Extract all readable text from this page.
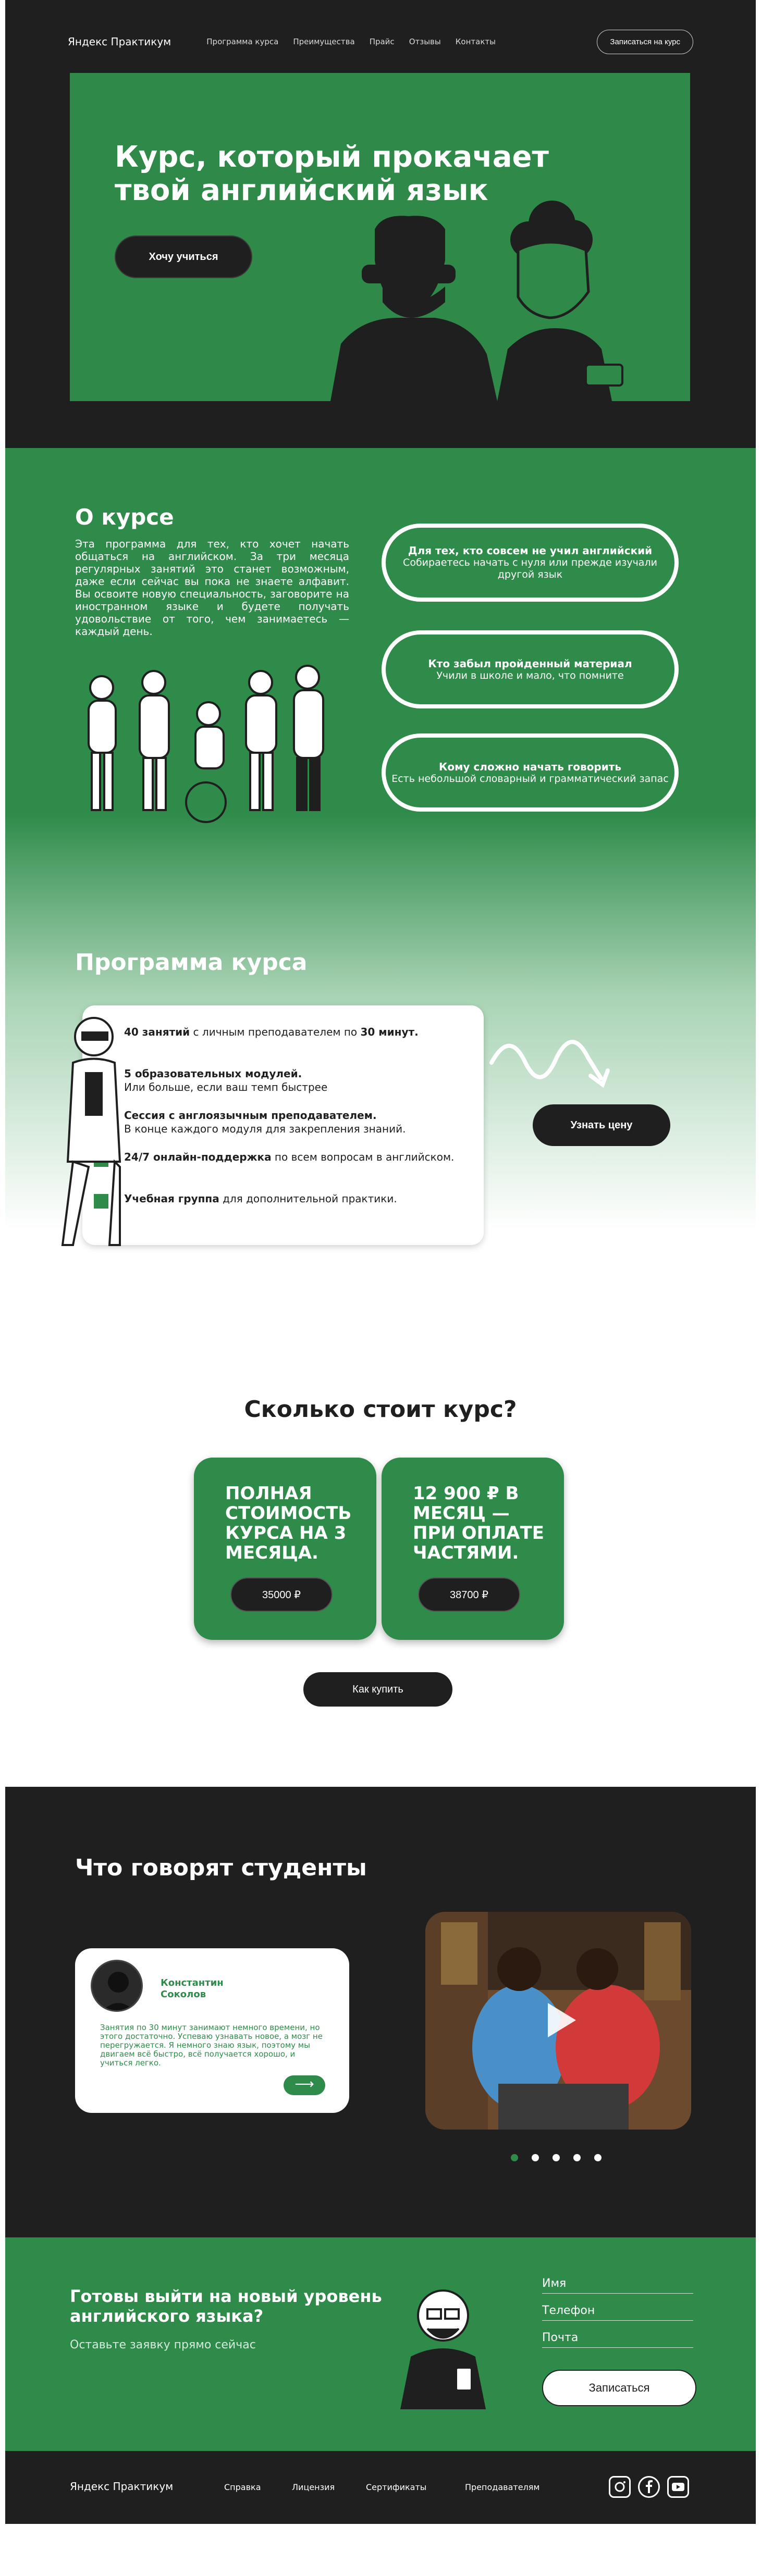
Яндекс Практикум	Программа курса Преимущества Прайс Отзывы Контакты	Записаться на курс
Курс, который прокачает твой английский язык
Хочу учиться
О курсе

Эта программа для тех, кто хочет начать общаться на английском. За три месяца регулярных занятий это станет возможным, даже если сейчас вы пока не знаете алфавит. Вы освоите новую специальность, заговорите на иностранном языке и будете получать удовольствие от того, чем занимаетесь — каждый день.

Для тех, кто совсем не учил английский
Собираетесь начать с нуля или прежде изучали другой язык
Кто забыл пройденный материал
Учили в школе и мало, что помните
Кому сложно начать говорить
Есть небольшой словарный и грамматический запас
Программа курса
40 занятий с личным преподавателем по 30 минут.
5 образовательных модулей.
Или больше, если ваш темп быстрее
Сессия с англоязычным преподавателем.
В конце каждого модуля для закрепления знаний.
24/7 онлайн-поддержка по всем вопросам в английском.
Учебная группа для дополнительной практики.
Узнать цену
Сколько стоит курс?
ПОЛНАЯ СТОИМОСТЬ КУРСА НА 3 МЕСЯЦА.
35000 ₽
12 900 ₽ В МЕСЯЦ — ПРИ ОПЛАТЕ ЧАСТЯМИ.
38700 ₽
Как купить
Что говорят студенты
Константин Соколов

Занятия по 30 минут занимают немного времени, но этого достаточно. Успеваю узнавать новое, а мозг не перегружается. Я немного знаю язык, поэтому мы двигаем всё быстро, всё получается хорошо, и учиться легко.

⟶
Готовы выйти на новый уровень английского языка?

Оставьте заявку прямо сейчас

Имя
Телефон
Почта
Записаться
Яндекс Практикум	Справка	Лицензия	Сертификаты	Преподавателям
